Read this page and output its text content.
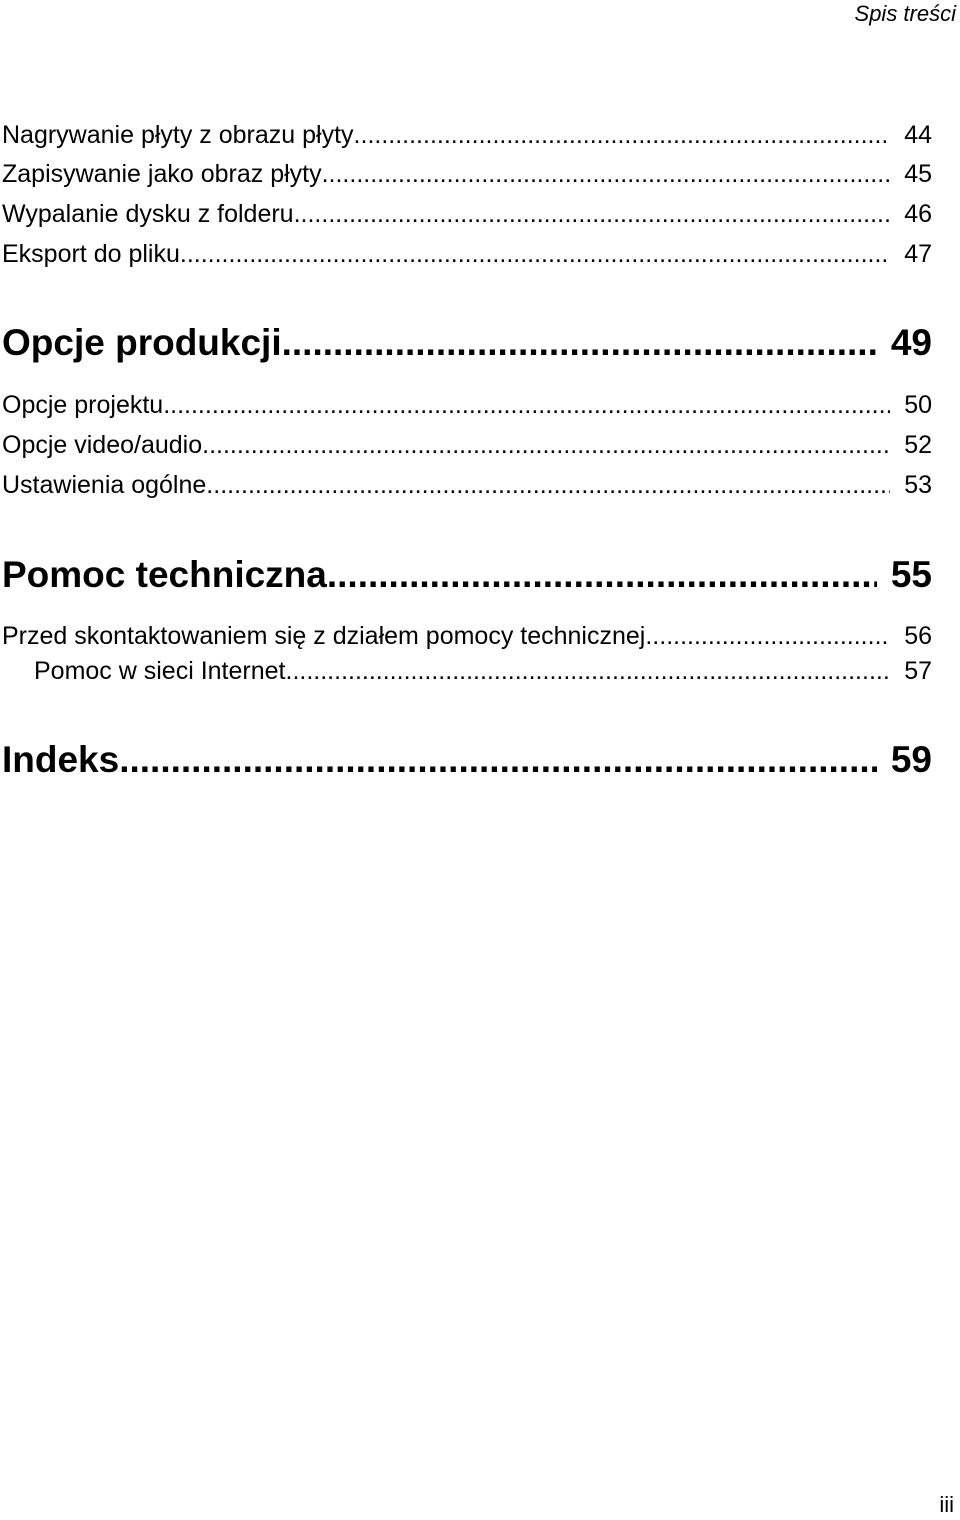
Spis treści
Nagrywanie płyty z obrazu płyty .....	44
Zapisywanie jako obraz płyty .....	45
Wypalanie dysku z folderu .....	46
Eksport do pliku .....	47
Opcje produkcji .....	49
Opcje projektu .....	50
Opcje video/audio .....	52
Ustawienia ogólne .....	53
Pomoc techniczna .....	55
Przed skontaktowaniem się z działem pomocy technicznej .....	56
Pomoc w sieci Internet .....	57
Indeks .....	59
iii
